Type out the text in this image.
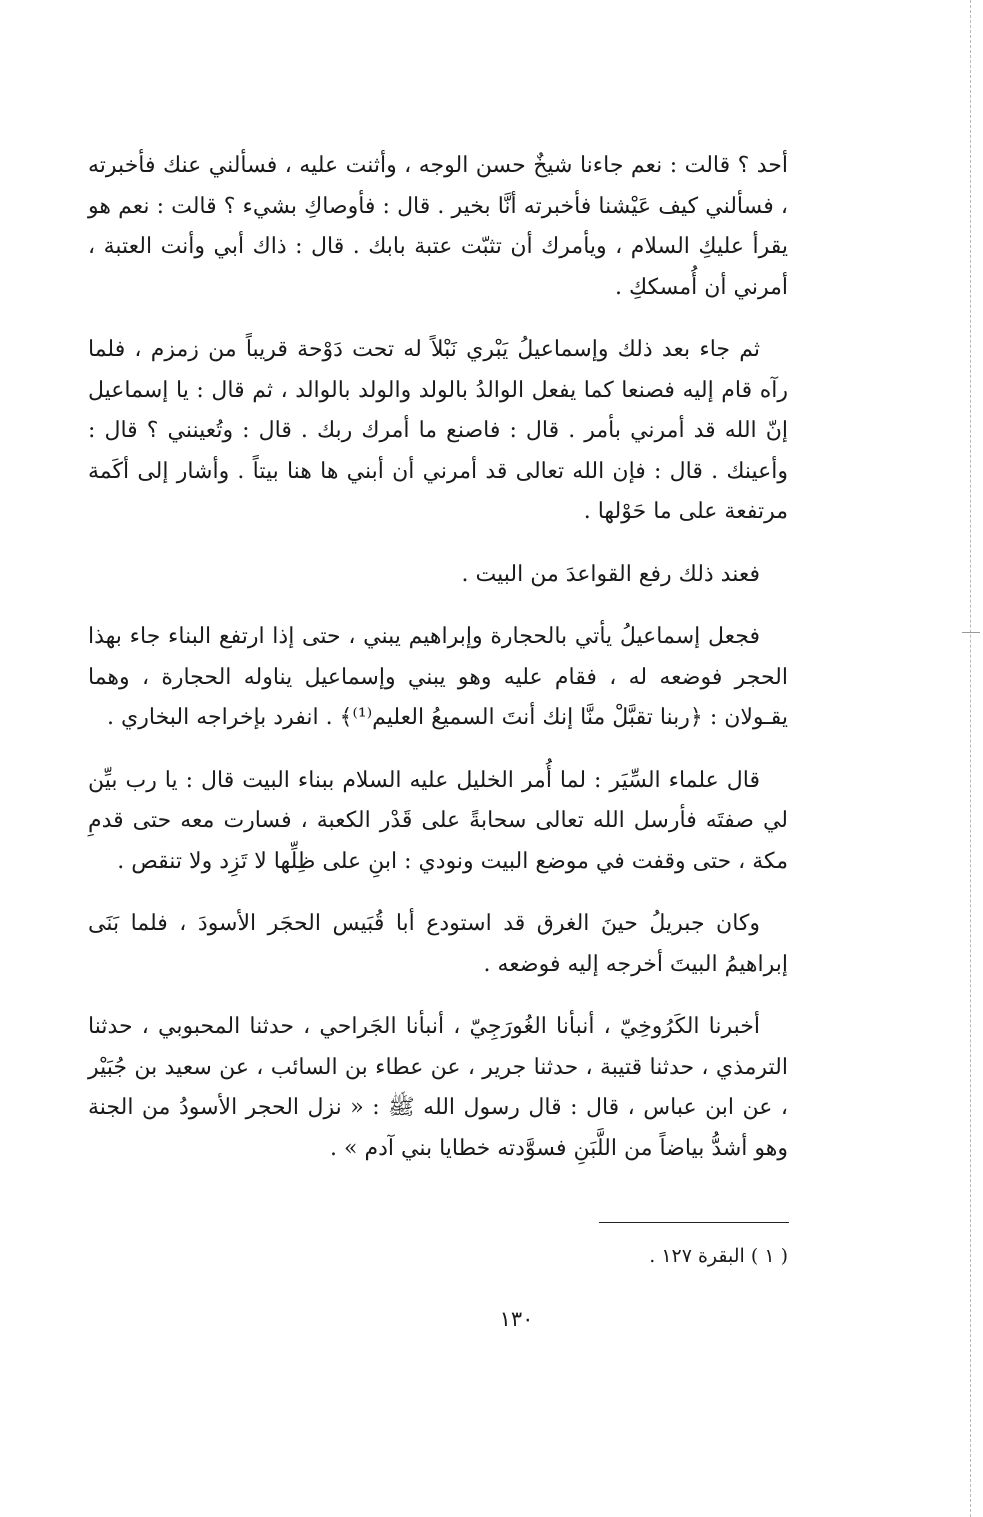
أحد ؟ قالت : نعم جاءنا شيخٌ حسن الوجه ، وأثنت عليه ، فسألني عنك فأخبرته ، فسألني كيف عَيْشنا فأخبرته أنَّا بخير . قال : فأوصاكِ بشيء ؟ قالت : نعم هو يقرأ عليكِ السلام ، ويأمرك أن تثبّت عتبة بابك . قال : ذاك أبي وأنت العتبة ، أمرني أن أُمسككِ .

ثم جاء بعد ذلك وإسماعيلُ يَبْري نَبْلاً له تحت دَوْحة قريباً من زمزم ، فلما رآه قام إليه فصنعا كما يفعل الوالدُ بالولد والولد بالوالد ، ثم قال : يا إسماعيل إنّ الله قد أمرني بأمر . قال : فاصنع ما أمرك ربك . قال : وتُعينني ؟ قال : وأعينك . قال : فإن الله تعالى قد أمرني أن أبني ها هنا بيتاً . وأشار إلى أكَمة مرتفعة على ما حَوْلها .

فعند ذلك رفع القواعدَ من البيت .

فجعل إسماعيلُ يأتي بالحجارة وإبراهيم يبني ، حتى إذا ارتفع البناء جاء بهذا الحجر فوضعه له ، فقام عليه وهو يبني وإسماعيل يناوله الحجارة ، وهما يقـولان : ﴿ربنا تقبَّلْ منَّا إنك أنتَ السميعُ العليم⁽¹⁾﴾ . انفرد بإخراجه البخاري .

قال علماء السِّيَر : لما أُمر الخليل عليه السلام ببناء البيت قال : يا رب بيِّن لي صفتَه فأرسل الله تعالى سحابةً على قَدْر الكعبة ، فسارت معه حتى قدمِ مكة ، حتى وقفت في موضع البيت ونودي : ابنِ على ظِلِّها لا تَزِد ولا تنقص .

وكان جبريلُ حينَ الغرق قد استودع أبا قُبَيس الحجَر الأسودَ ، فلما بَنَى إبراهيمُ البيتَ أخرجه إليه فوضعه .

أخبرنا الكَرُوخِيّ ، أنبأنا الغُورَجِيّ ، أنبأنا الجَراحي ، حدثنا المحبوبي ، حدثنا الترمذي ، حدثنا قتيبة ، حدثنا جرير ، عن عطاء بن السائب ، عن سعيد بن جُبَيْر ، عن ابن عباس ، قال : قال رسول الله ﷺ : « نزل الحجر الأسودُ من الجنة وهو أشدُّ بياضاً من اللَّبَنِ فسوَّدته خطايا بني آدم » .

( ١ ) البقرة ١٢٧ .
١٣٠
